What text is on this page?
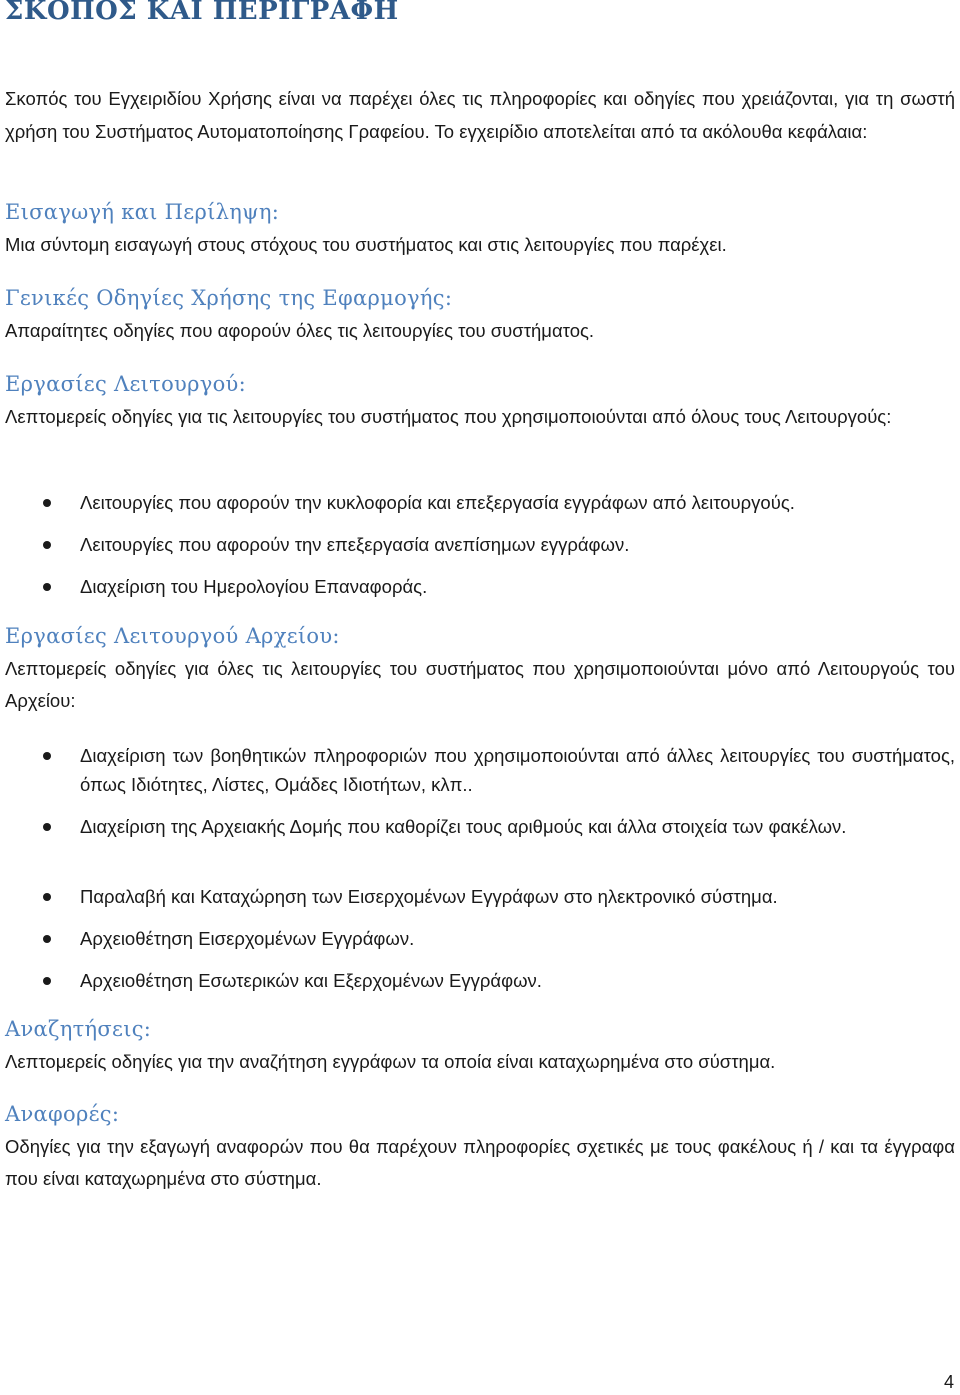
ΣΚΟΠΟΣ ΚΑΙ ΠΕΡΙΓΡΑΦΗ

Σκοπός του Εγχειριδίου Χρήσης είναι να παρέχει όλες τις πληροφορίες και οδηγίες που χρειάζονται, για τη σωστή χρήση του Συστήματος Αυτοματοποίησης Γραφείου. Το εγχειρίδιο αποτελείται από τα ακόλουθα κεφάλαια:

Εισαγωγή και Περίληψη:

Μια σύντομη εισαγωγή στους στόχους του συστήματος και στις λειτουργίες που παρέχει.

Γενικές Οδηγίες Χρήσης της Εφαρμογής:

Απαραίτητες οδηγίες που αφορούν όλες τις λειτουργίες του συστήματος.

Εργασίες Λειτουργού:

Λεπτομερείς οδηγίες για τις λειτουργίες του συστήματος που χρησιμοποιούνται από όλους τους Λειτουργούς:

Λειτουργίες που αφορούν την κυκλοφορία και επεξεργασία εγγράφων από λειτουργούς.

Λειτουργίες που αφορούν την επεξεργασία ανεπίσημων εγγράφων.

Διαχείριση του Ημερολογίου Επαναφοράς.

Εργασίες Λειτουργού Αρχείου:

Λεπτομερείς οδηγίες για όλες τις λειτουργίες του συστήματος που χρησιμοποιούνται μόνο από Λειτουργούς του Αρχείου:

Διαχείριση των βοηθητικών πληροφοριών που χρησιμοποιούνται από άλλες λειτουργίες του συστήματος, όπως Ιδιότητες, Λίστες, Ομάδες Ιδιοτήτων, κλπ..

Διαχείριση της Αρχειακής Δομής που καθορίζει τους αριθμούς και άλλα στοιχεία των φακέλων.

Παραλαβή και Καταχώρηση των Εισερχομένων Εγγράφων στο ηλεκτρονικό σύστημα.

Αρχειοθέτηση Εισερχομένων Εγγράφων.

Αρχειοθέτηση Εσωτερικών και Εξερχομένων Εγγράφων.

Αναζητήσεις:

Λεπτομερείς οδηγίες για την αναζήτηση εγγράφων τα οποία είναι καταχωρημένα στο σύστημα.

Αναφορές:

Οδηγίες για την εξαγωγή αναφορών που θα παρέχουν πληροφορίες σχετικές με τους φακέλους ή / και τα έγγραφα που είναι καταχωρημένα στο σύστημα.

4
